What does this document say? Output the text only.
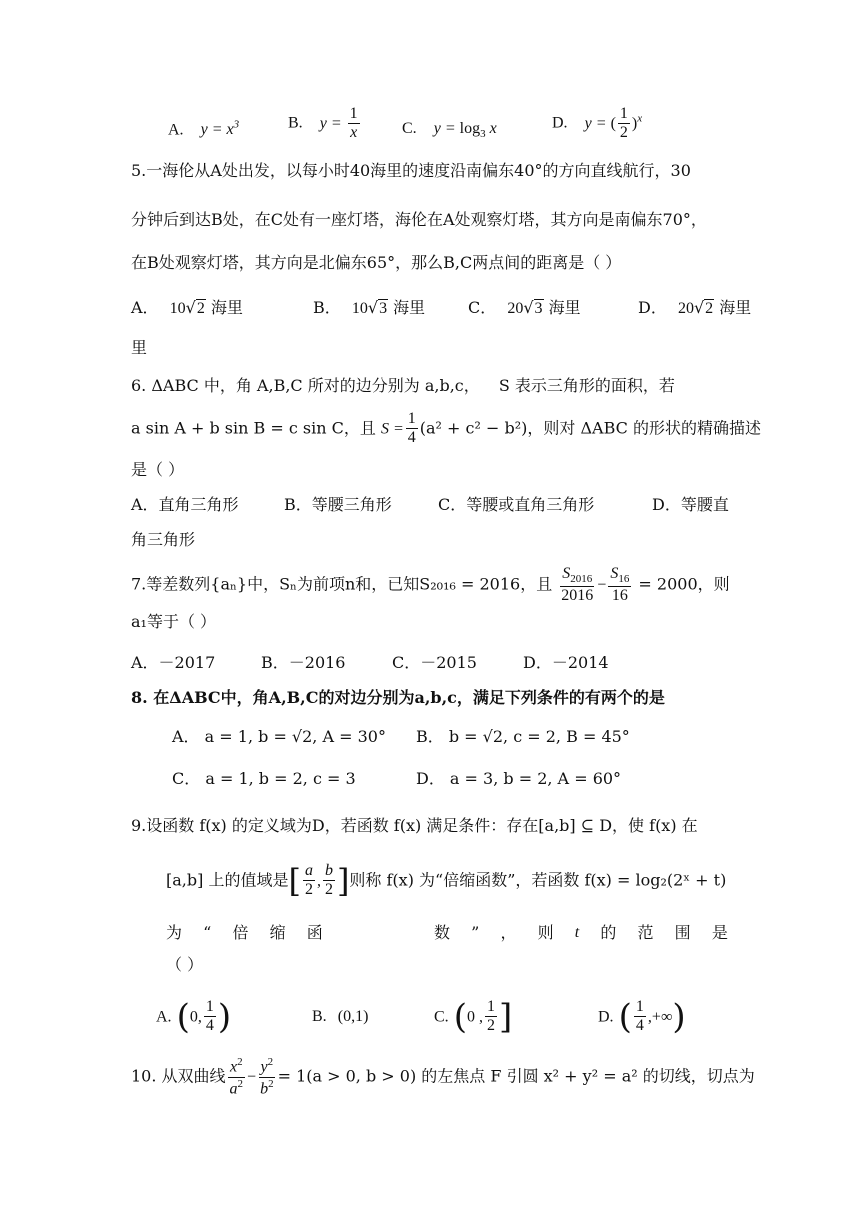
A. $y = x^3$	B. $y = \frac{1}{x}$	C. $y = \log_3 x$	D. y = ( $\frac{1}{2} )^x$
5.一海伦从A处出发，以每小时40海里的速度沿南偏东40°的方向直线航行，30
分钟后到达B处，在C处有一座灯塔，海伦在A处观察灯塔，其方向是南偏东70°，
在B处观察灯塔，其方向是北偏东65°，那么B,C两点间的距离是（ ）
A． 10√2 海里	B． 10√3 海里	C． 20√3 海里	D． 20√2 海里
里
6. ΔABC 中，角 A,B,C 所对的边分别为 a,b,c， S 表示三角形的面积，若
a sin A + b sin B = c sin C，且 $S = \frac{1}{4} (a^2 + c^2 - b^2)$，则对 ΔABC 的形状的精确描述
是（ ）
A．直角三角形	B．等腰三角形	C．等腰或直角三角形	D．等腰直
角三角形
7.等差数列{aₙ}中，Sₙ为前项n和，已知S₂₀₁₆ = 2016，且 $\frac{S_{2016}}{2016} - \frac{S_{16}}{16} = 2000$，则
a₁等于（ ）
A．－2017	B．－2016	C．－2015	D．－2014
8. 在ΔABC中，角A,B,C的对边分别为a,b,c，满足下列条件的有两个的是
A． a = 1, b = √2, A = 30° B． b = √2, c = 2, B = 45°
C． a = 1, b = 2, c = 3	D． a = 3, b = 2, A = 60°
9.设函数 f(x) 的定义域为D，若函数 f(x) 满足条件：存在[a,b] ⊆ D，使 f(x) 在
[a,b] 上的值域是[ $\frac{a}{2}$ , $\frac{b}{2}$ ]则称 f(x) 为“倍缩函数”，若函数 f(x) = log₂(2ˣ + t)
为 “ 倍 缩 函	数 ” ， 则 t 的 范 围 是
（ ）
A. (0, $\frac{1}{4}$ )	B. (0,1)	C. (0 , $\frac{1}{2}$ ]	D. ( $\frac{1}{4}$ ,+∞)
10. 从双曲线 $\frac{x^2}{a^2} - \frac{y^2}{b^2} = 1(a > 0$, b > 0) 的左焦点 F 引圆 x² + y² = a² 的切线，切点为
